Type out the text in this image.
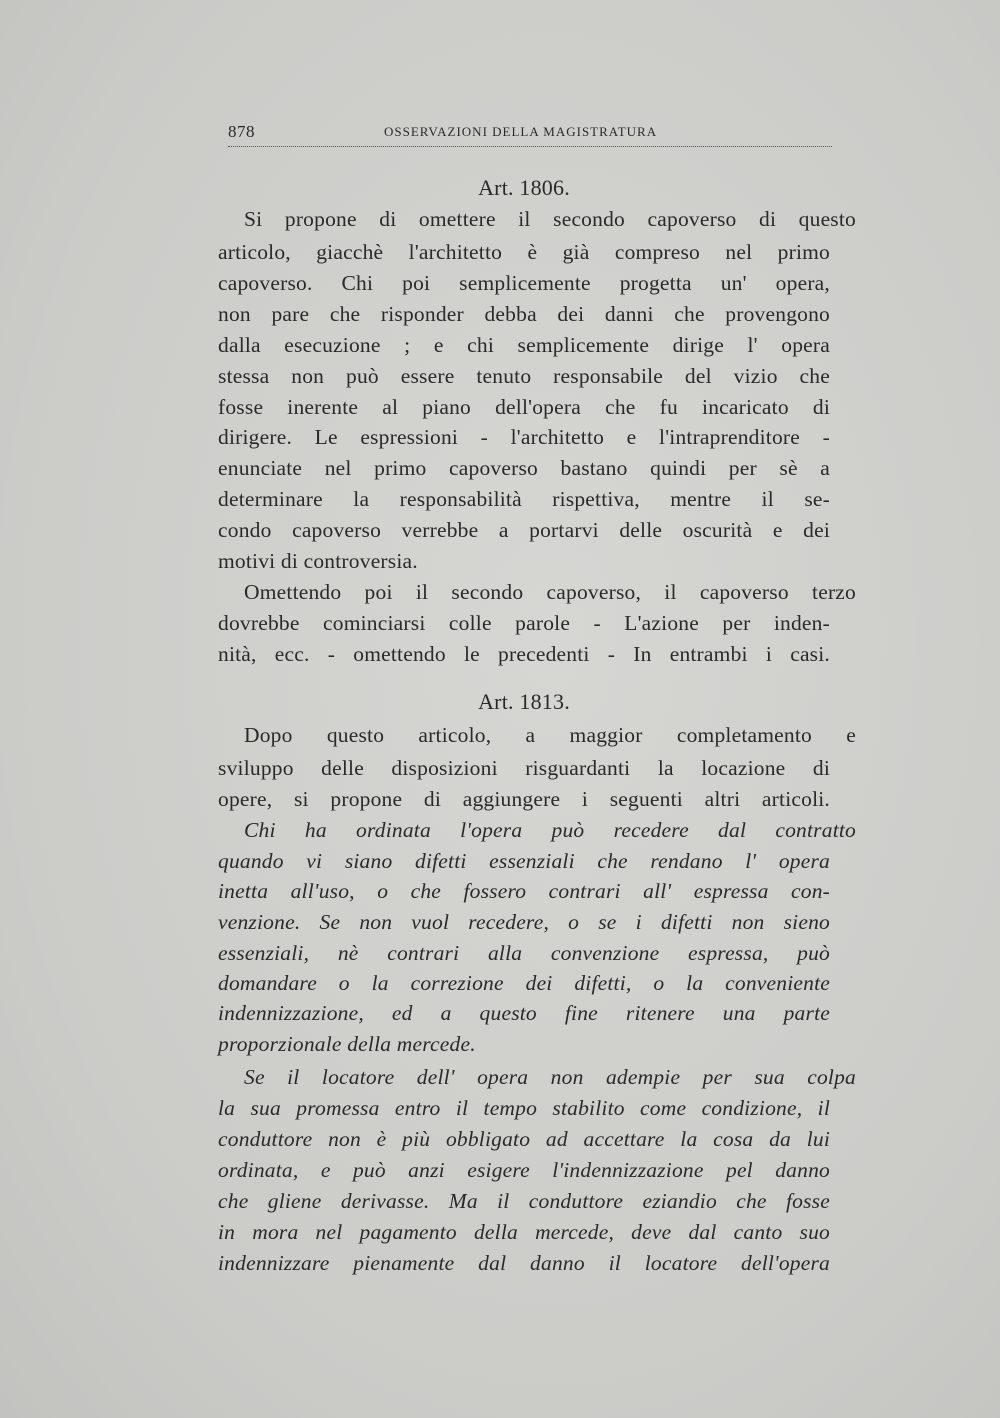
878	OSSERVAZIONI DELLA MAGISTRATURA
Art. 1806.
Si propone di omettere il secondo capoverso di questo
articolo, giacchè l'architetto è già compreso nel primo
capoverso. Chi poi semplicemente progetta un' opera,
non pare che risponder debba dei danni che provengono
dalla esecuzione ; e chi semplicemente dirige l' opera
stessa non può essere tenuto responsabile del vizio che
fosse inerente al piano dell'opera che fu incaricato di
dirigere. Le espressioni - l'architetto e l'intraprenditore -
enunciate nel primo capoverso bastano quindi per sè a
determinare la responsabilità rispettiva, mentre il se-
condo capoverso verrebbe a portarvi delle oscurità e dei
motivi di controversia.
Omettendo poi il secondo capoverso, il capoverso terzo
dovrebbe cominciarsi colle parole - L'azione per inden-
nità, ecc. - omettendo le precedenti - In entrambi i casi.
Art. 1813.
Dopo questo articolo, a maggior completamento e
sviluppo delle disposizioni risguardanti la locazione di
opere, si propone di aggiungere i seguenti altri articoli.
Chi ha ordinata l'opera può recedere dal contratto
quando vi siano difetti essenziali che rendano l' opera
inetta all'uso, o che fossero contrari all' espressa con-
venzione. Se non vuol recedere, o se i difetti non sieno
essenziali, nè contrari alla convenzione espressa, può
domandare o la correzione dei difetti, o la conveniente
indennizzazione, ed a questo fine ritenere una parte
proporzionale della mercede.
Se il locatore dell' opera non adempie per sua colpa
la sua promessa entro il tempo stabilito come condizione, il
conduttore non è più obbligato ad accettare la cosa da lui
ordinata, e può anzi esigere l'indennizzazione pel danno
che gliene derivasse. Ma il conduttore eziandio che fosse
in mora nel pagamento della mercede, deve dal canto suo
indennizzare pienamente dal danno il locatore dell'opera
